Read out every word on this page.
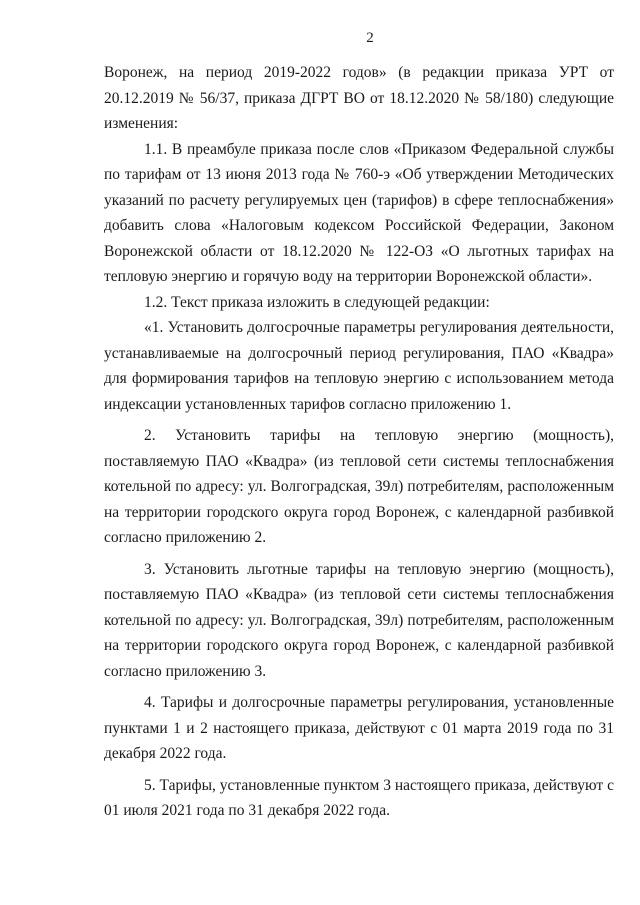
2

Воронеж, на период 2019-2022 годов» (в редакции приказа УРТ от 20.12.2019 № 56/37, приказа ДГРТ ВО от 18.12.2020 № 58/180) следующие изменения:

1.1. В преамбуле приказа после слов «Приказом Федеральной службы по тарифам от 13 июня 2013 года № 760-э «Об утверждении Методических указаний по расчету регулируемых цен (тарифов) в сфере теплоснабжения» добавить слова «Налоговым кодексом Российской Федерации, Законом Воронежской области от 18.12.2020 № 122-ОЗ «О льготных тарифах на тепловую энергию и горячую воду на территории Воронежской области».

1.2. Текст приказа изложить в следующей редакции:

«1. Установить долгосрочные параметры регулирования деятельности, устанавливаемые на долгосрочный период регулирования, ПАО «Квадра» для формирования тарифов на тепловую энергию с использованием метода индексации установленных тарифов согласно приложению 1.

2. Установить тарифы на тепловую энергию (мощность), поставляемую ПАО «Квадра» (из тепловой сети системы теплоснабжения котельной по адресу: ул. Волгоградская, 39л) потребителям, расположенным на территории городского округа город Воронеж, с календарной разбивкой согласно приложению 2.

3. Установить льготные тарифы на тепловую энергию (мощность), поставляемую ПАО «Квадра» (из тепловой сети системы теплоснабжения котельной по адресу: ул. Волгоградская, 39л) потребителям, расположенным на территории городского округа город Воронеж, с календарной разбивкой согласно приложению 3.

4. Тарифы и долгосрочные параметры регулирования, установленные пунктами 1 и 2 настоящего приказа, действуют с 01 марта 2019 года по 31 декабря 2022 года.

5. Тарифы, установленные пунктом 3 настоящего приказа, действуют с 01 июля 2021 года по 31 декабря 2022 года.
